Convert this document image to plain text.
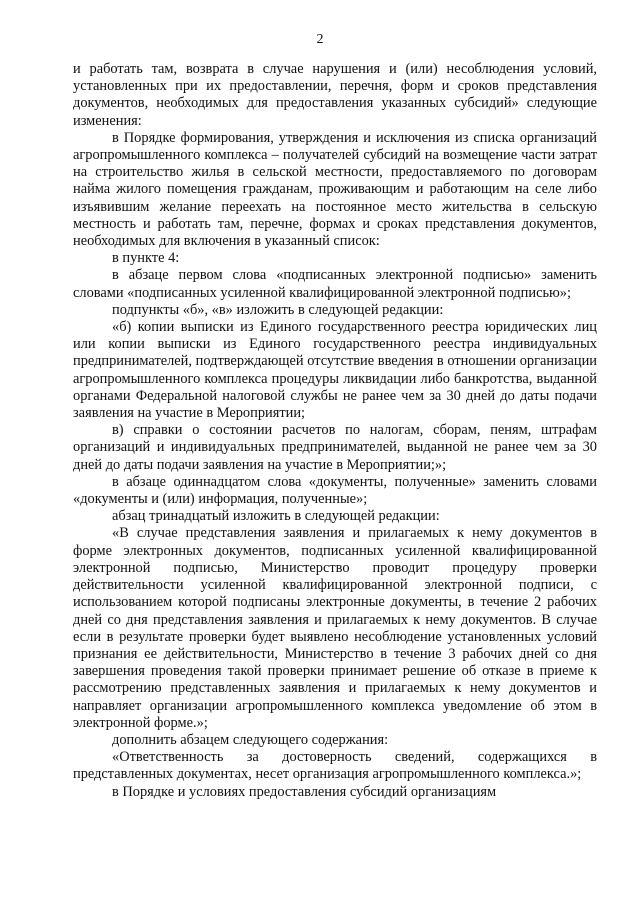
2

и работать там, возврата в случае нарушения и (или) несоблюдения условий, установленных при их предоставлении, перечня, форм и сроков представления документов, необходимых для предоставления указанных субсидий» следующие изменения:

в Порядке формирования, утверждения и исключения из списка организаций агропромышленного комплекса – получателей субсидий на возмещение части затрат на строительство жилья в сельской местности, предоставляемого по договорам найма жилого помещения гражданам, проживающим и работающим на селе либо изъявившим желание переехать на постоянное место жительства в сельскую местность и работать там, перечне, формах и сроках представления документов, необходимых для включения в указанный список:

в пункте 4:

в абзаце первом слова «подписанных электронной подписью» заменить словами «подписанных усиленной квалифицированной электронной подписью»;

подпункты «б», «в» изложить в следующей редакции:

«б) копии выписки из Единого государственного реестра юридических лиц или копии выписки из Единого государственного реестра индивидуальных предпринимателей, подтверждающей отсутствие введения в отношении организации агропромышленного комплекса процедуры ликвидации либо банкротства, выданной органами Федеральной налоговой службы не ранее чем за 30 дней до даты подачи заявления на участие в Мероприятии;

в) справки о состоянии расчетов по налогам, сборам, пеням, штрафам организаций и индивидуальных предпринимателей, выданной не ранее чем за 30 дней до даты подачи заявления на участие в Мероприятии;»;

в абзаце одиннадцатом слова «документы, полученные» заменить словами «документы и (или) информация, полученные»;

абзац тринадцатый изложить в следующей редакции:

«В случае представления заявления и прилагаемых к нему документов в форме электронных документов, подписанных усиленной квалифицированной электронной подписью, Министерство проводит процедуру проверки действительности усиленной квалифицированной электронной подписи, с использованием которой подписаны электронные документы, в течение 2 рабочих дней со дня представления заявления и прилагаемых к нему документов. В случае если в результате проверки будет выявлено несоблюдение установленных условий признания ее действительности, Министерство в течение 3 рабочих дней со дня завершения проведения такой проверки принимает решение об отказе в приеме к рассмотрению представленных заявления и прилагаемых к нему документов и направляет организации агропромышленного комплекса уведомление об этом в электронной форме.»;

дополнить абзацем следующего содержания:

«Ответственность за достоверность сведений, содержащихся в представленных документах, несет организация агропромышленного комплекса.»;

в Порядке и условиях предоставления субсидий организациям
